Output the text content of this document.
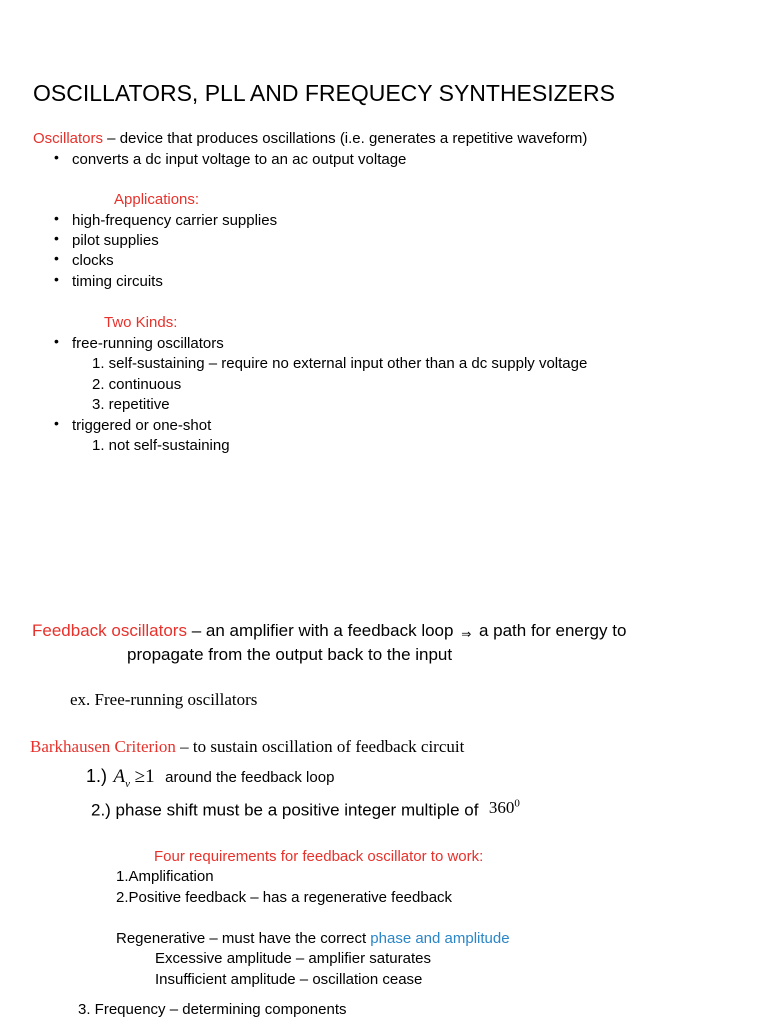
OSCILLATORS, PLL AND FREQUECY SYNTHESIZERS
Oscillators – device that produces oscillations (i.e. generates a repetitive waveform)
• converts a dc input voltage to an ac output voltage
Applications:
• high-frequency carrier supplies
• pilot supplies
• clocks
• timing circuits
Two Kinds:
• free-running oscillators
1. self-sustaining – require no external input other than a dc supply voltage
2. continuous
3. repetitive
• triggered or one-shot
1. not self-sustaining
Feedback oscillators – an amplifier with a feedback loop ⇒ a path for energy to
propagate from the output back to the input
ex. Free-running oscillators
Barkhausen Criterion – to sustain oscillation of feedback circuit
1.) $A_v \ge 1$ around the feedback loop
2.) phase shift must be a positive integer multiple of $360^0$
Four requirements for feedback oscillator to work:
1.Amplification
2.Positive feedback – has a regenerative feedback
Regenerative – must have the correct phase and amplitude
Excessive amplitude – amplifier saturates
Insufficient amplitude – oscillation cease
3. Frequency – determining components
